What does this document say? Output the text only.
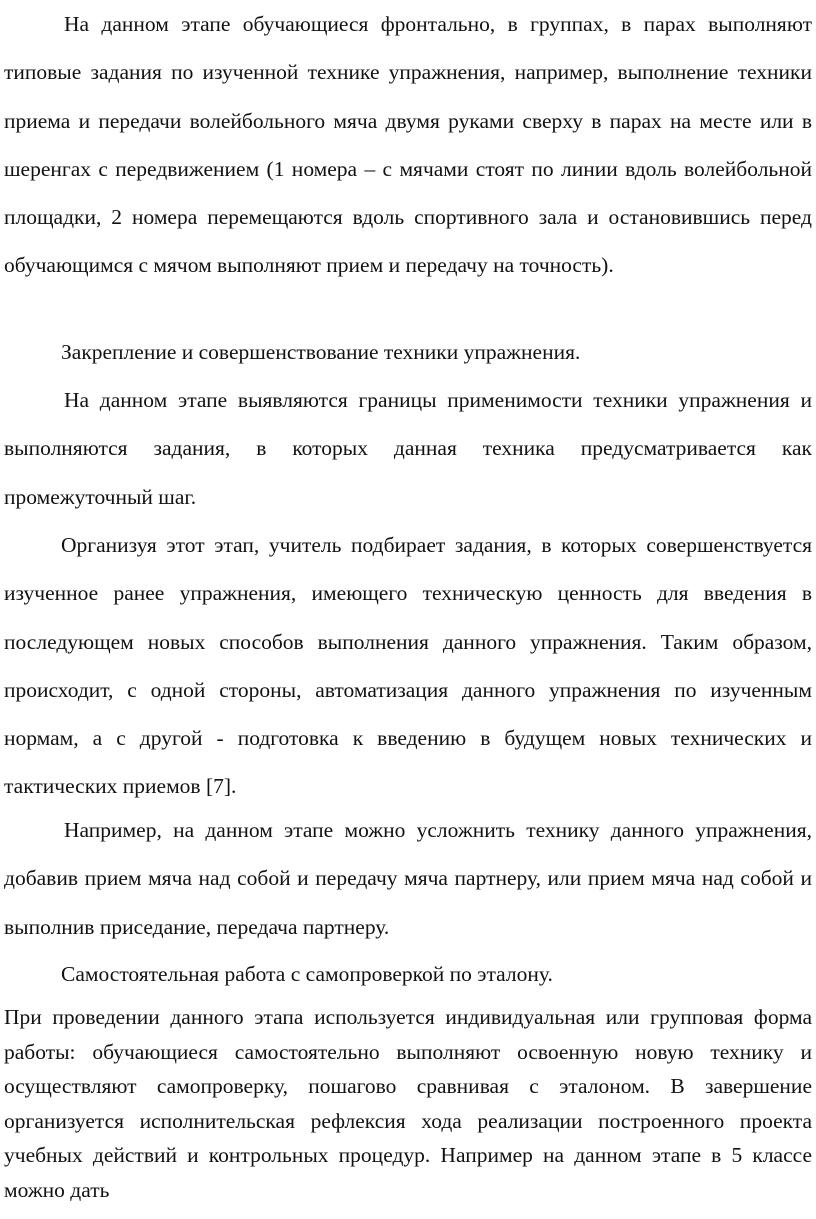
На данном этапе обучающиеся фронтально, в группах, в парах выполняют типовые задания по изученной технике упражнения, например, выполнение техники приема и передачи волейбольного мяча двумя руками сверху в парах на месте или в шеренгах с передвижением (1 номера – с мячами стоят по линии вдоль волейбольной площадки, 2 номера перемещаются вдоль спортивного зала и остановившись перед обучающимся с мячом выполняют прием и передачу на точность).

Закрепление и совершенствование техники упражнения.

На данном этапе выявляются границы применимости техники упражнения и выполняются задания, в которых данная техника предусматривается как промежуточный шаг.

Организуя этот этап, учитель подбирает задания, в которых совершенствуется изученное ранее упражнения, имеющего техническую ценность для введения в последующем новых способов выполнения данного упражнения. Таким образом, происходит, с одной стороны, автоматизация данного упражнения по изученным нормам, а с другой - подготовка к введению в будущем новых технических и тактических приемов [7].

Например, на данном этапе можно усложнить технику данного упражнения, добавив прием мяча над собой и передачу мяча партнеру, или прием мяча над собой и выполнив приседание, передача партнеру.

Самостоятельная работа с самопроверкой по эталону.

При проведении данного этапа используется индивидуальная или групповая форма работы: обучающиеся самостоятельно выполняют освоенную новую технику и осуществляют самопроверку, пошагово сравнивая с эталоном. В завершение организуется исполнительская рефлексия хода реализации построенного проекта учебных действий и контрольных процедур. Например на данном этапе в 5 классе можно дать
